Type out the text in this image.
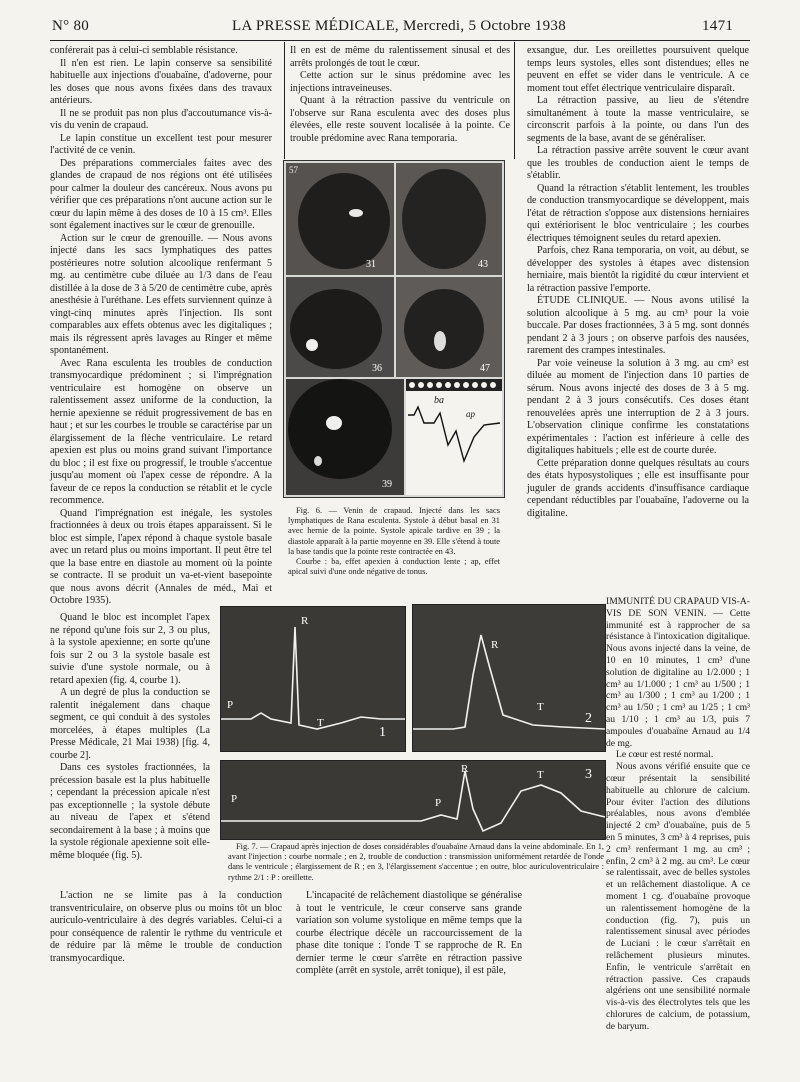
N° 80	LA PRESSE MÉDICALE, Mercredi, 5 Octobre 1938	1471

conférerait pas à celui-ci semblable résistance.

Il n'en est rien. Le lapin conserve sa sensibilité habituelle aux injections d'ouabaïne, d'adoverne, pour les doses que nous avons fixées dans des travaux antérieurs.

Il ne se produit pas non plus d'accoutumance vis-à-vis du venin de crapaud.

Le lapin constitue un excellent test pour mesurer l'activité de ce venin.

Des préparations commerciales faites avec des glandes de crapaud de nos régions ont été utilisées pour calmer la douleur des cancéreux. Nous avons pu vérifier que ces préparations n'ont aucune action sur le cœur du lapin même à des doses de 10 à 15 cm³. Elles sont également inactives sur le cœur de grenouille.

Action sur le cœur de grenouille. — Nous avons injecté dans les sacs lymphatiques des pattes postérieures notre solution alcoolique renfermant 5 mg. au centimètre cube diluée au 1/3 dans de l'eau distillée à la dose de 3 à 5/20 de centimètre cube, après anesthésie à l'uréthane. Les effets surviennent quinze à vingt-cinq minutes après l'injection. Ils sont comparables aux effets obtenus avec les digitaliques ; mais ils régressent après lavages au Ringer et même spontanément.

Avec Rana esculenta les troubles de conduction transmyocardique prédominent ; si l'imprégnation ventriculaire est homogène on observe un ralentissement assez uniforme de la conduction, la hernie apexienne se réduit progressivement de bas en haut ; et sur les courbes le trouble se caractérise par un élargissement de la flèche ventriculaire. Le retard apexien est plus ou moins grand suivant l'importance du bloc ; il est fixe ou progressif, le trouble s'accentue jusqu'au moment où l'apex cesse de répondre. A la faveur de ce repos la conduction se rétablit et le cycle recommence.

Quand l'imprégnation est inégale, les systoles fractionnées à deux ou trois étapes apparaissent. Si le bloc est simple, l'apex répond à chaque systole basale avec un retard plus ou moins important. Il peut être tel que la base entre en diastole au moment où la pointe se contracte. Il se produit un va-et-vient basepointe que nous avons décrit (Annales de méd., Mai et Octobre 1935).

Quand le bloc est incomplet l'apex ne répond qu'une fois sur 2, 3 ou plus, à la systole apexienne; en sorte qu'une fois sur 2 ou 3 la systole basale est suivie d'une systole normale, ou à retard apexien (fig. 4, courbe 1).

A un degré de plus la conduction se ralentit inégalement dans chaque segment, ce qui conduit à des systoles morcelées, à étapes multiples (La Presse Médicale, 21 Mai 1938) [fig. 4, courbe 2].

Dans ces systoles fractionnées, la précession basale est la plus habituelle ; cependant la précession apicale n'est pas exceptionnelle ; la systole débute au niveau de l'apex et s'étend secondairement à la base ; à moins que la systole régionale apexienne soit elle-même bloquée (fig. 5).

L'action ne se limite pas à la conduction transventriculaire, on observe plus ou moins tôt un bloc auriculo-ventriculaire à des degrés variables. Celui-ci a pour conséquence de ralentir le rythme du ventricule et de réduire par là même le trouble de conduction transmyocardique.

Il en est de même du ralentissement sinusal et des arrêts prolongés de tout le cœur.

Cette action sur le sinus prédomine avec les injections intraveineuses.

Quant à la rétraction passive du ventricule on l'observe sur Rana esculenta avec des doses plus élevées, elle reste souvent localisée à la pointe. Ce trouble prédomine avec Rana temporaria.

57
31	43
36	47
39
ba
ap

Fig. 6. — Venin de crapaud. Injecté dans les sacs lymphatiques de Rana esculenta. Systole à début basal en 31 avec hernie de la pointe. Systole apicale tardive en 39 ; la diastole apparaît à la partie moyenne en 39. Elle s'étend à toute la base tandis que la pointe reste contractée en 43.

Courbe : ba, effet apexien à conduction lente ; ap, effet apical suivi d'une onde négative de tonus.

exsangue, dur. Les oreillettes poursuivent quelque temps leurs systoles, elles sont distendues; elles ne peuvent en effet se vider dans le ventricule. A ce moment tout effet électrique ventriculaire disparaît.

La rétraction passive, au lieu de s'étendre simultanément à toute la masse ventriculaire, se circonscrit parfois à la pointe, ou dans l'un des segments de la base, avant de se généraliser.

La rétraction passive arrête souvent le cœur avant que les troubles de conduction aient le temps de s'établir.

Quand la rétraction s'établit lentement, les troubles de conduction transmyocardique se développent, mais l'état de rétraction s'oppose aux distensions herniaires qui extériorisent le bloc ventriculaire ; les courbes électriques témoignent seules du retard apexien.

Parfois, chez Rana temporaria, on voit, au début, se développer des systoles à étapes avec distension herniaire, mais bientôt la rigidité du cœur intervient et la rétraction passive l'emporte.

ÉTUDE CLINIQUE. — Nous avons utilisé la solution alcoolique à 5 mg. au cm³ pour la voie buccale. Par doses fractionnées, 3 à 5 mg. sont donnés pendant 2 à 3 jours ; on observe parfois des nausées, rarement des crampes intestinales.

Par voie veineuse la solution à 3 mg. au cm³ est diluée au moment de l'injection dans 10 parties de sérum. Nous avons injecté des doses de 3 à 5 mg. pendant 2 à 3 jours consécutifs. Ces doses étant renouvelées après une interruption de 2 à 3 jours. L'observation clinique confirme les constatations expérimentales : l'action est inférieure à celle des digitaliques habituels ; elle est de courte durée.

Cette préparation donne quelques résultats au cours des états hyposystoliques ; elle est insuffisante pour juguler de grands accidents d'insuffisance cardiaque cependant réductibles par l'ouabaïne, l'adoverne ou la digitaline.

IMMUNITÉ DU CRAPAUD VIS-A-VIS DE SON VENIN. — Cette immunité est à rapprocher de sa résistance à l'intoxication digitalique. Nous avons injecté dans la veine, de 10 en 10 minutes, 1 cm³ d'une solution de digitaline au 1/2.000 ; 1 cm³ au 1/1.000 ; 1 cm³ au 1/500 ; 1 cm³ au 1/300 ; 1 cm³ au 1/200 ; 1 cm³ au 1/50 ; 1 cm³ au 1/25 ; 1 cm³ au 1/10 ; 1 cm³ au 1/3, puis 7 ampoules d'ouabaïne Arnaud au 1/4 de mg.

Le cœur est resté normal.

Nous avons vérifié ensuite que ce cœur présentait la sensibilité habituelle au chlorure de calcium. Pour éviter l'action des dilutions préalables, nous avons d'emblée injecté 2 cm³ d'ouabaïne, puis de 5 en 5 minutes, 3 cm³ à 4 reprises, puis 2 cm³ renfermant 1 mg. au cm³ ; enfin, 2 cm³ à 2 mg. au cm³. Le cœur se ralentissait, avec de belles systoles et un relâchement diastolique. A ce moment 1 cg. d'ouabaïne provoque un ralentissement homogène de la conduction (fig. 7), puis un ralentissement sinusal avec périodes de Luciani : le cœur s'arrêtait en relâchement plusieurs minutes. Enfin, le ventricule s'arrêtait en rétraction passive. Ces crapauds algériens ont une sensibilité normale vis-à-vis des électrolytes tels que les chlorures de calcium, de potassium, de baryum.

P
R
T
1
R
T
2
P	P
R	T	3

Fig. 7. — Crapaud après injection de doses considérables d'ouabaïne Arnaud dans la veine abdominale. En 1, avant l'injection : courbe normale ; en 2, trouble de conduction : transmission uniformément retardée de l'onde dans le ventricule ; élargissement de R ; en 3, l'élargissement s'accentue ; en outre, bloc auriculoventriculaire : rythme 2/1 : P : oreillette.

L'incapacité de relâchement diastolique se généralise à tout le ventricule, le cœur conserve sans grande variation son volume systolique en même temps que la courbe électrique décèle un raccourcissement de la phase dite tonique : l'onde T se rapproche de R. En dernier terme le cœur s'arrête en rétraction passive complète (arrêt en systole, arrêt tonique), il est pâle,
